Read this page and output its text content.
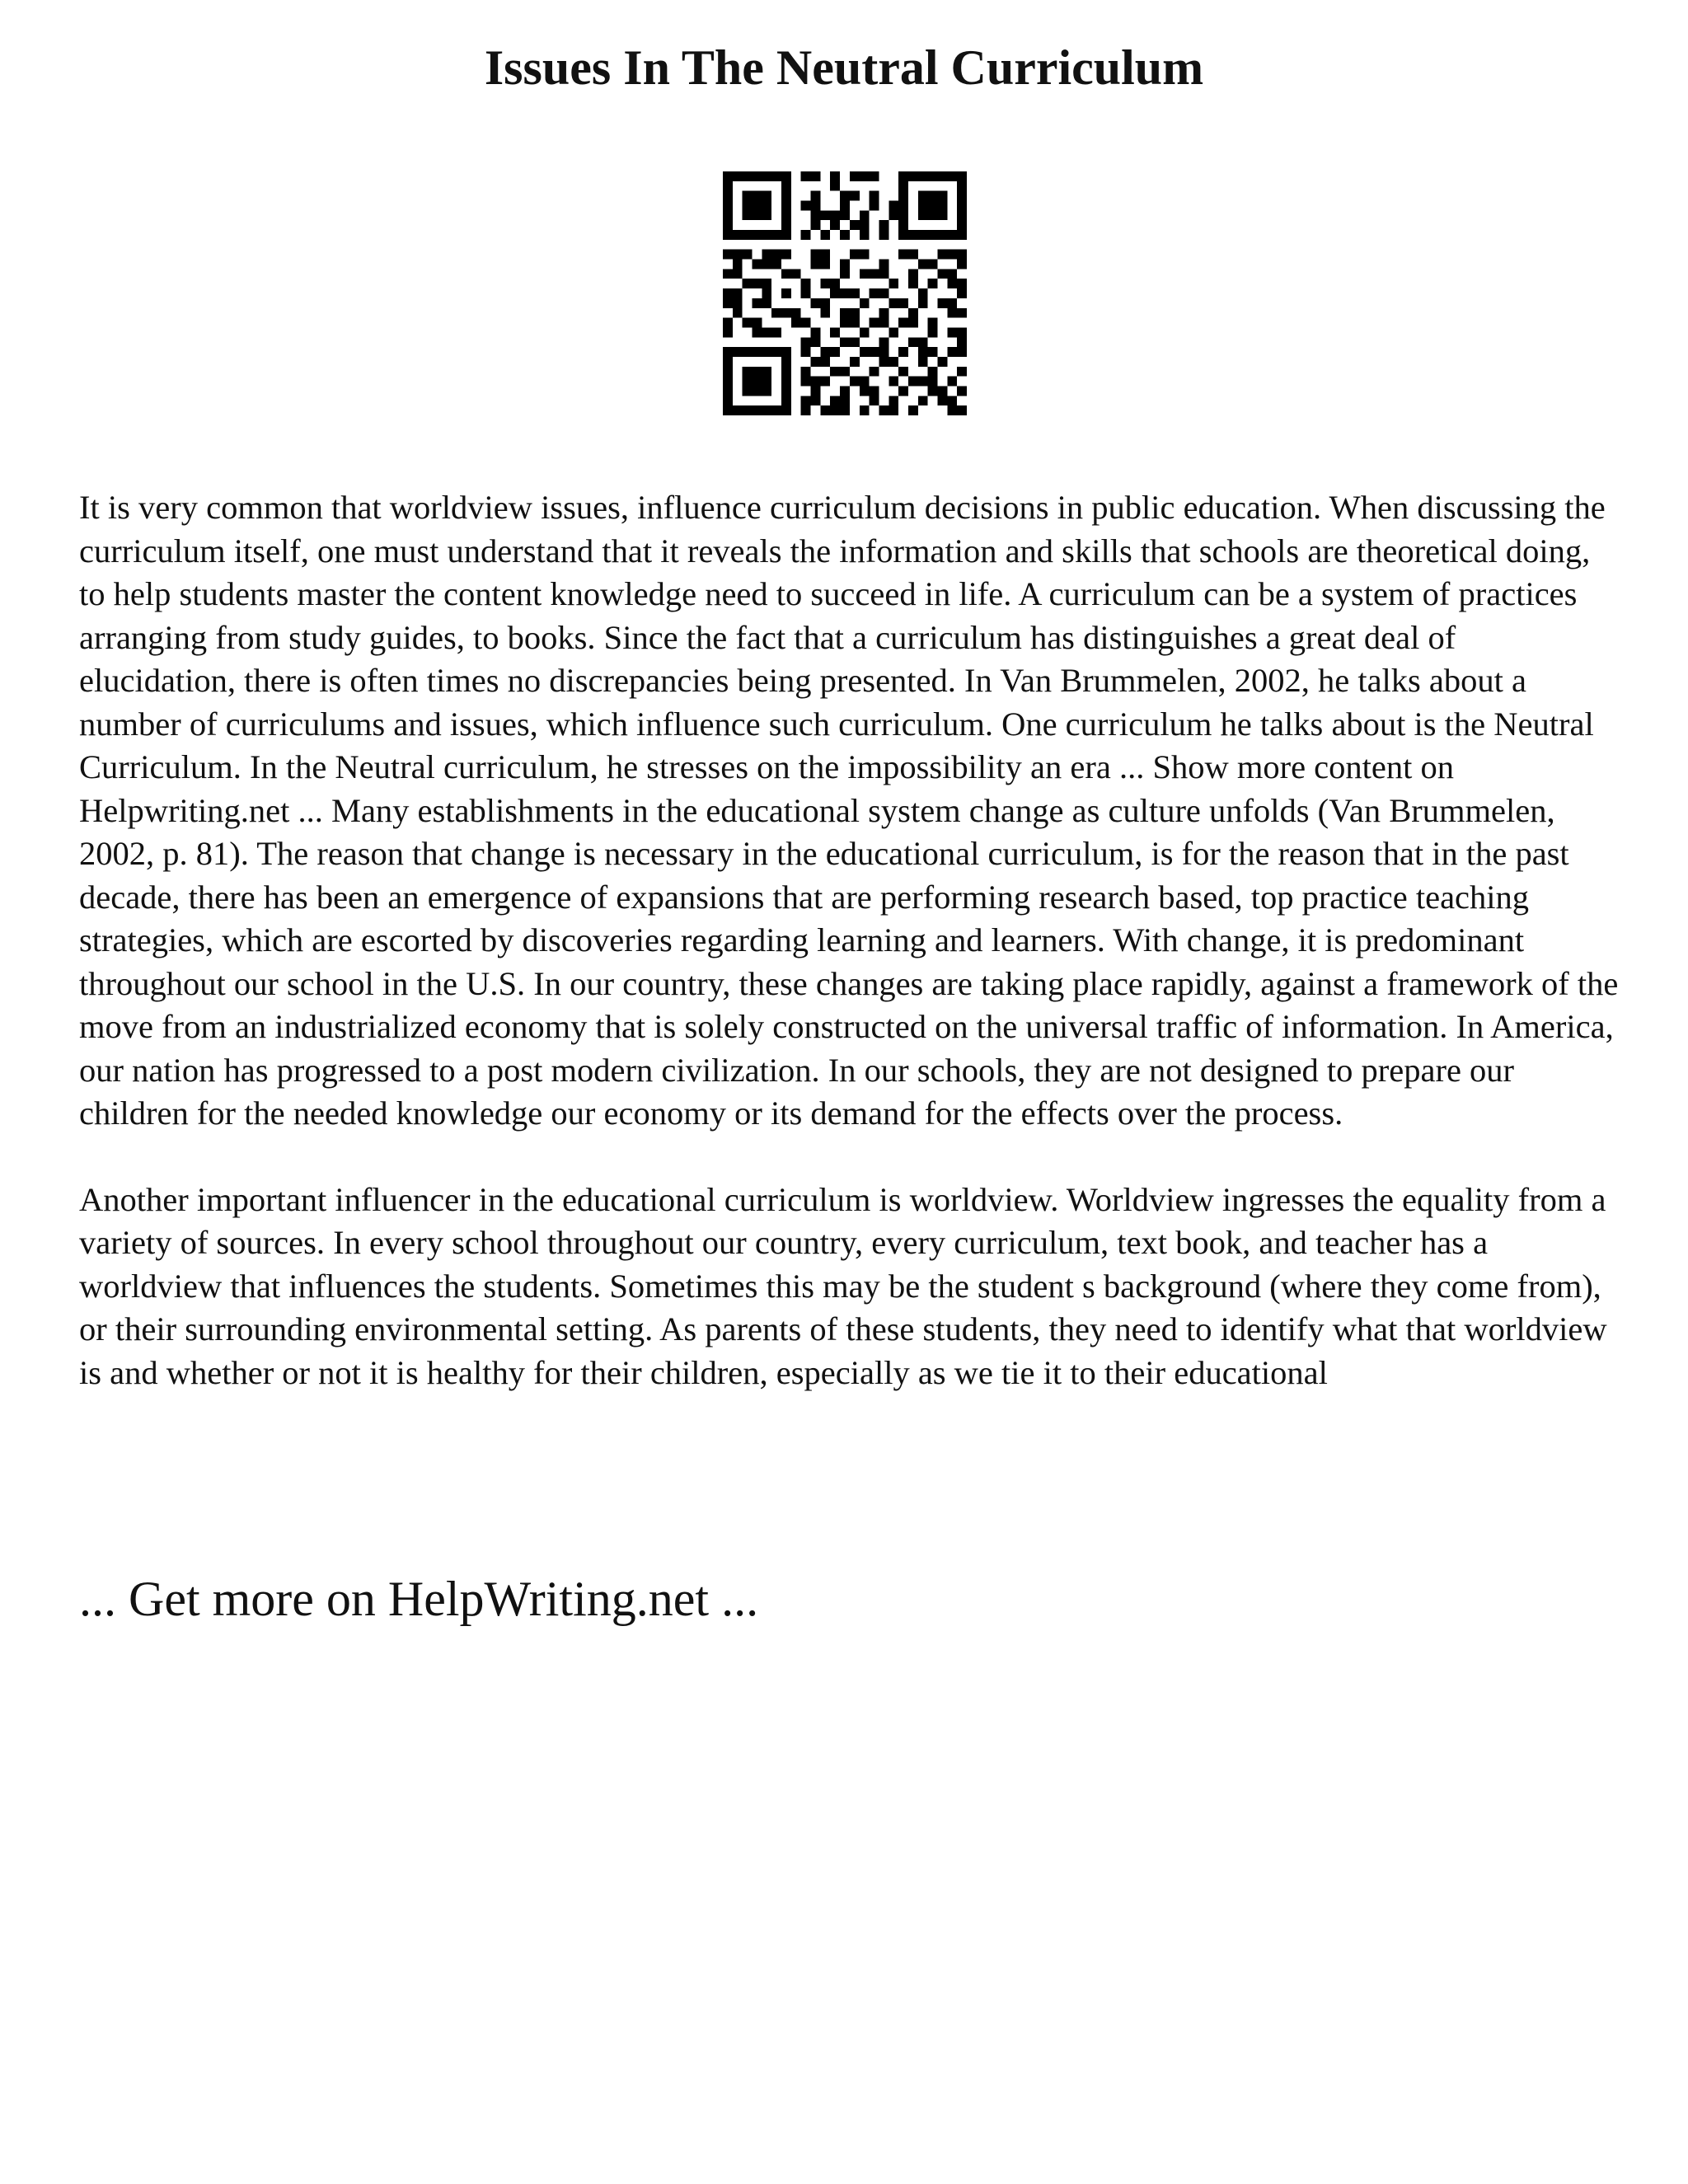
Issues In The Neutral Curriculum

It is very common that worldview issues, influence curriculum decisions in public education. When discussing the curriculum itself, one must understand that it reveals the information and skills that schools are theoretical doing, to help students master the content knowledge need to succeed in life. A curriculum can be a system of practices arranging from study guides, to books. Since the fact that a curriculum has distinguishes a great deal of elucidation, there is often times no discrepancies being presented. In Van Brummelen, 2002, he talks about a number of curriculums and issues, which influence such curriculum. One curriculum he talks about is the Neutral Curriculum. In the Neutral curriculum, he stresses on the impossibility an era ... Show more content on Helpwriting.net ... Many establishments in the educational system change as culture unfolds (Van Brummelen, 2002, p. 81). The reason that change is necessary in the educational curriculum, is for the reason that in the past decade, there has been an emergence of expansions that are performing research based, top practice teaching strategies, which are escorted by discoveries regarding learning and learners. With change, it is predominant throughout our school in the U.S. In our country, these changes are taking place rapidly, against a framework of the move from an industrialized economy that is solely constructed on the universal traffic of information. In America, our nation has progressed to a post modern civilization. In our schools, they are not designed to prepare our children for the needed knowledge our economy or its demand for the effects over the process.

Another important influencer in the educational curriculum is worldview. Worldview ingresses the equality from a variety of sources. In every school throughout our country, every curriculum, text book, and teacher has a worldview that influences the students. Sometimes this may be the student s background (where they come from), or their surrounding environmental setting. As parents of these students, they need to identify what that worldview is and whether or not it is healthy for their children, especially as we tie it to their educational

... Get more on HelpWriting.net ...
